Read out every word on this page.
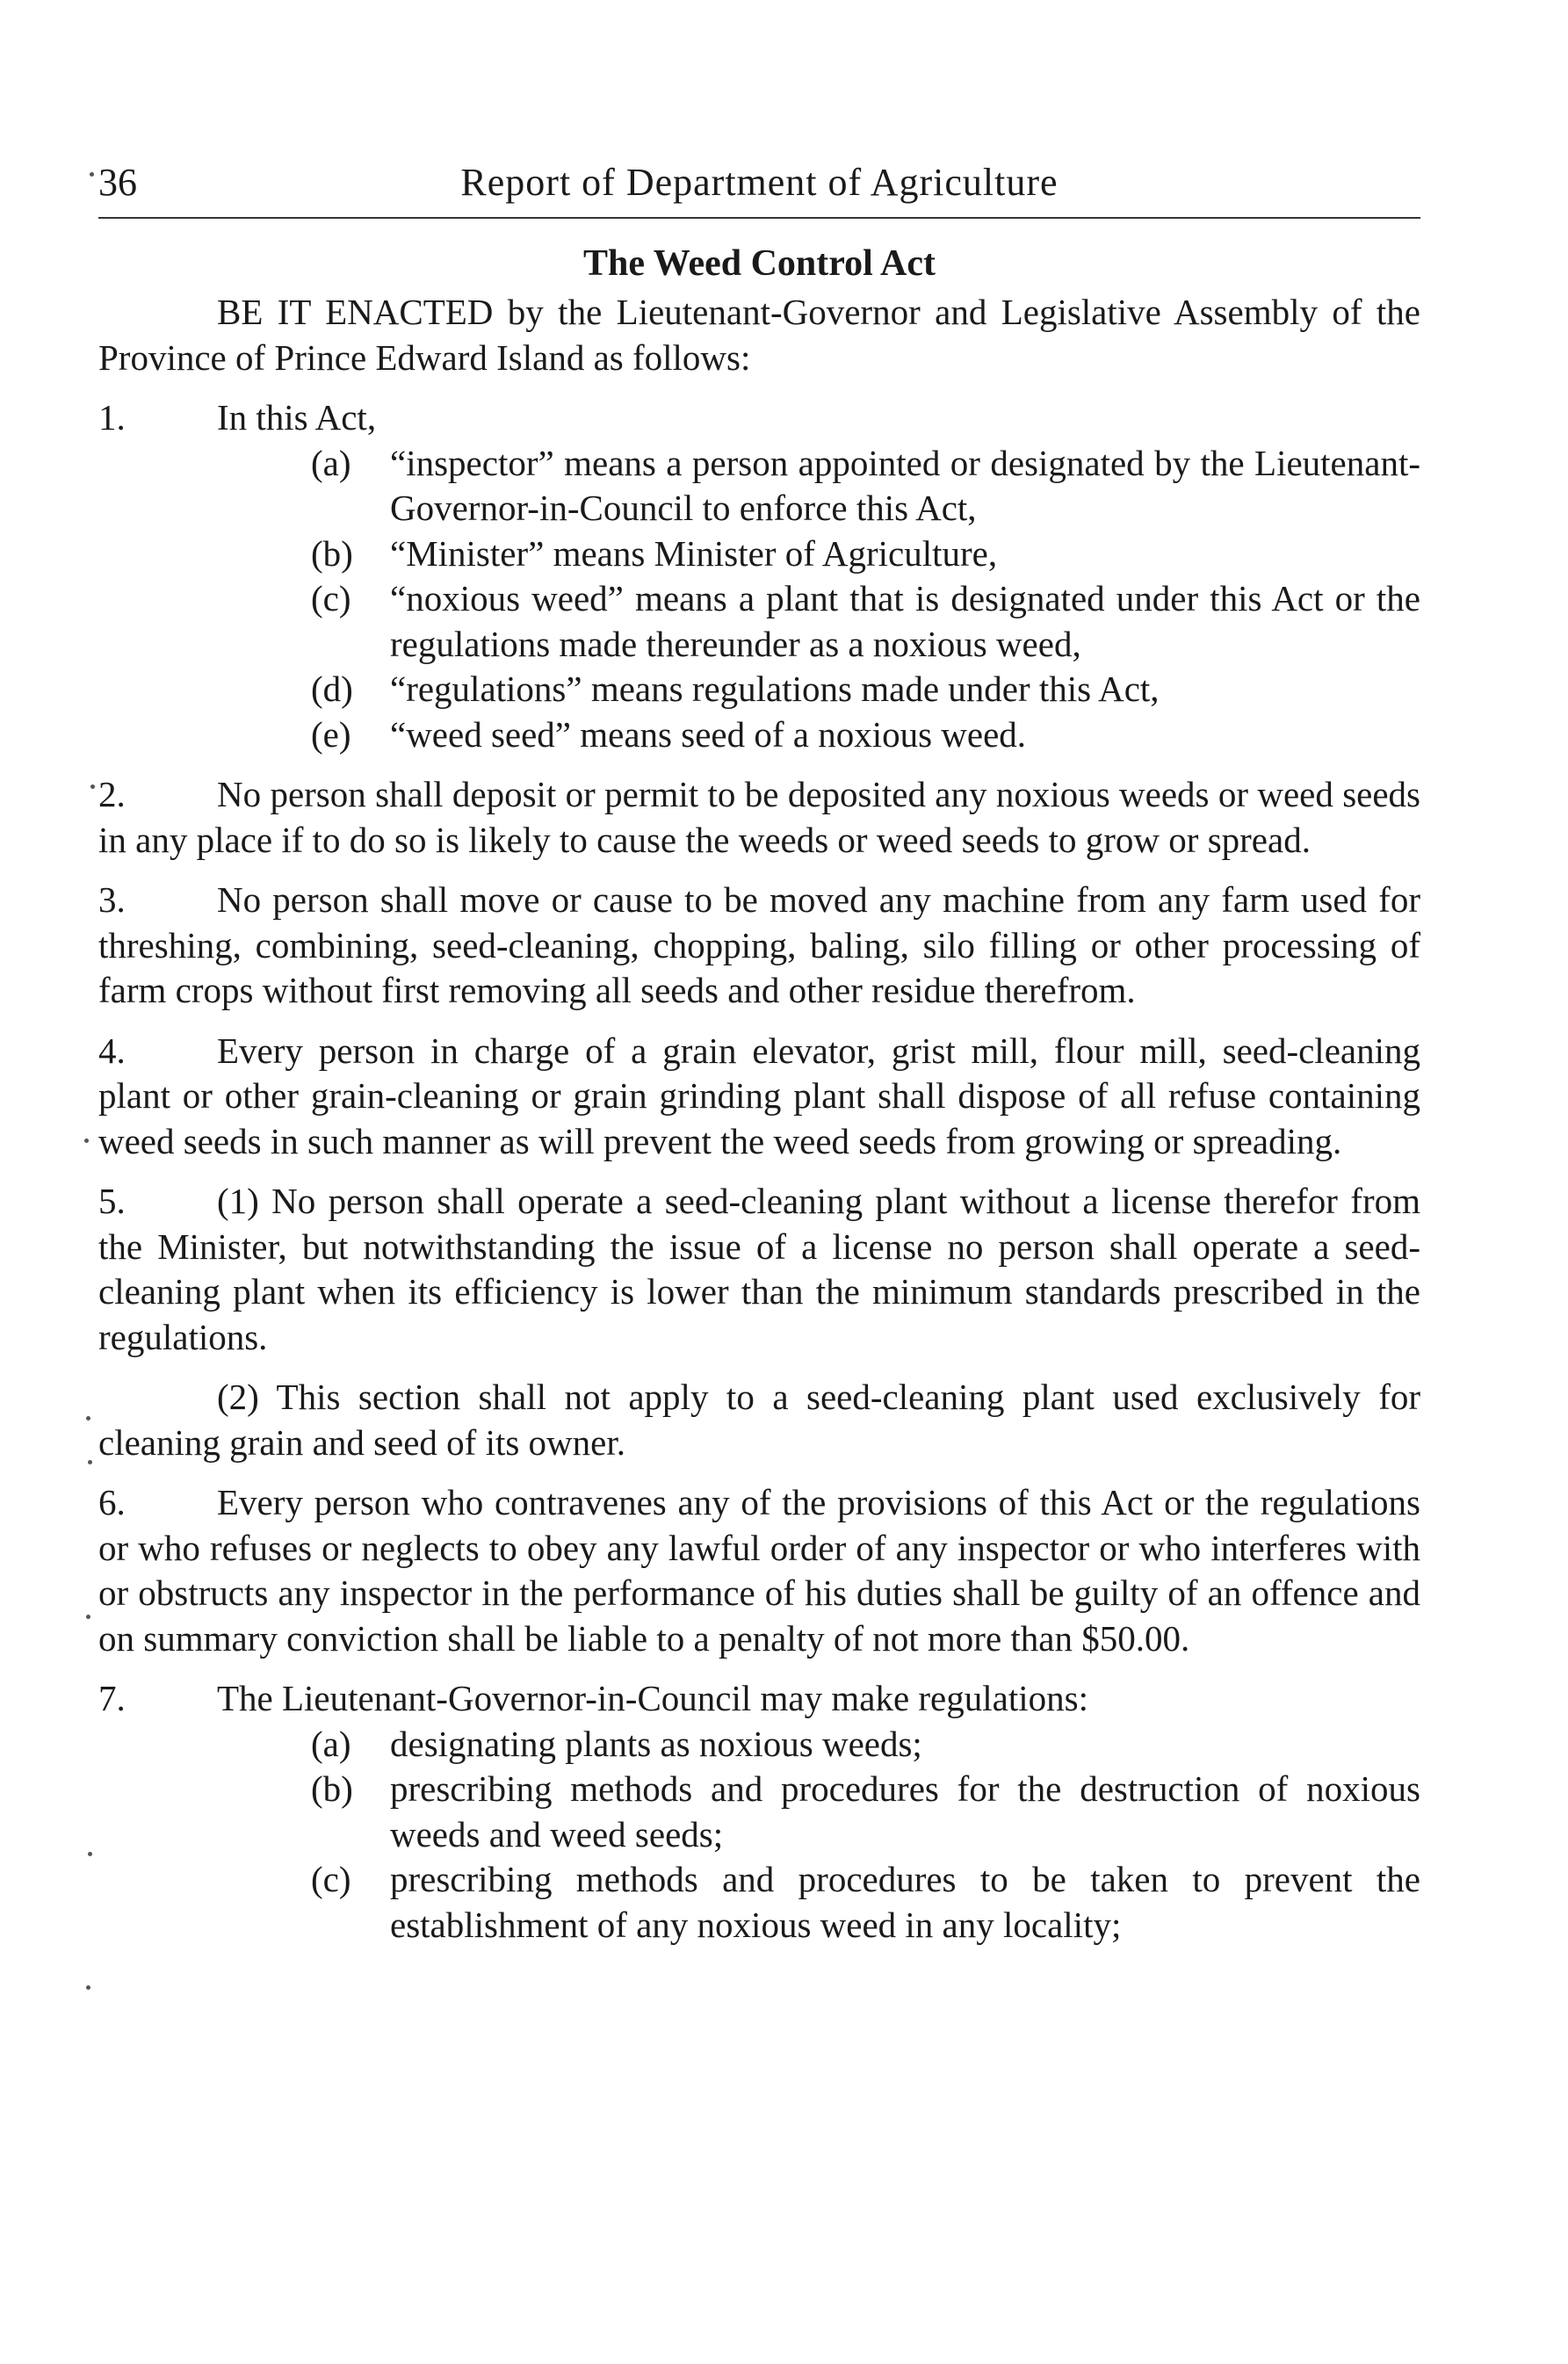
36	Report of Department of Agriculture
The Weed Control Act

BE IT ENACTED by the Lieutenant-Governor and Legislative Assembly of the Province of Prince Edward Island as follows:

1.	In this Act,

(a) “inspector” means a person appointed or designated by the Lieutenant-Governor-in-Council to enforce this Act,

(b) “Minister” means Minister of Agriculture,

(c) “noxious weed” means a plant that is designated under this Act or the regulations made thereunder as a noxious weed,

(d) “regulations” means regulations made under this Act,

(e) “weed seed” means seed of a noxious weed.

2.	No person shall deposit or permit to be deposited any noxious weeds or weed seeds in any place if to do so is likely to cause the weeds or weed seeds to grow or spread.

3.	No person shall move or cause to be moved any machine from any farm used for threshing, combining, seed-cleaning, chopping, baling, silo filling or other processing of farm crops without first removing all seeds and other residue therefrom.

4.	Every person in charge of a grain elevator, grist mill, flour mill, seed-cleaning plant or other grain-cleaning or grain grinding plant shall dispose of all refuse containing weed seeds in such manner as will prevent the weed seeds from growing or spreading.

5.	(1) No person shall operate a seed-cleaning plant without a license therefor from the Minister, but notwithstanding the issue of a license no person shall operate a seed-cleaning plant when its efficiency is lower than the minimum standards prescribed in the regulations.

(2) This section shall not apply to a seed-cleaning plant used exclusively for cleaning grain and seed of its owner.

6.	Every person who contravenes any of the provisions of this Act or the regulations or who refuses or neglects to obey any lawful order of any inspector or who interferes with or obstructs any inspector in the performance of his duties shall be guilty of an offence and on summary conviction shall be liable to a penalty of not more than $50.00.

7.	The Lieutenant-Governor-in-Council may make regulations:

(a) designating plants as noxious weeds;

(b) prescribing methods and procedures for the destruction of noxious weeds and weed seeds;

(c) prescribing methods and procedures to be taken to prevent the establishment of any noxious weed in any locality;
